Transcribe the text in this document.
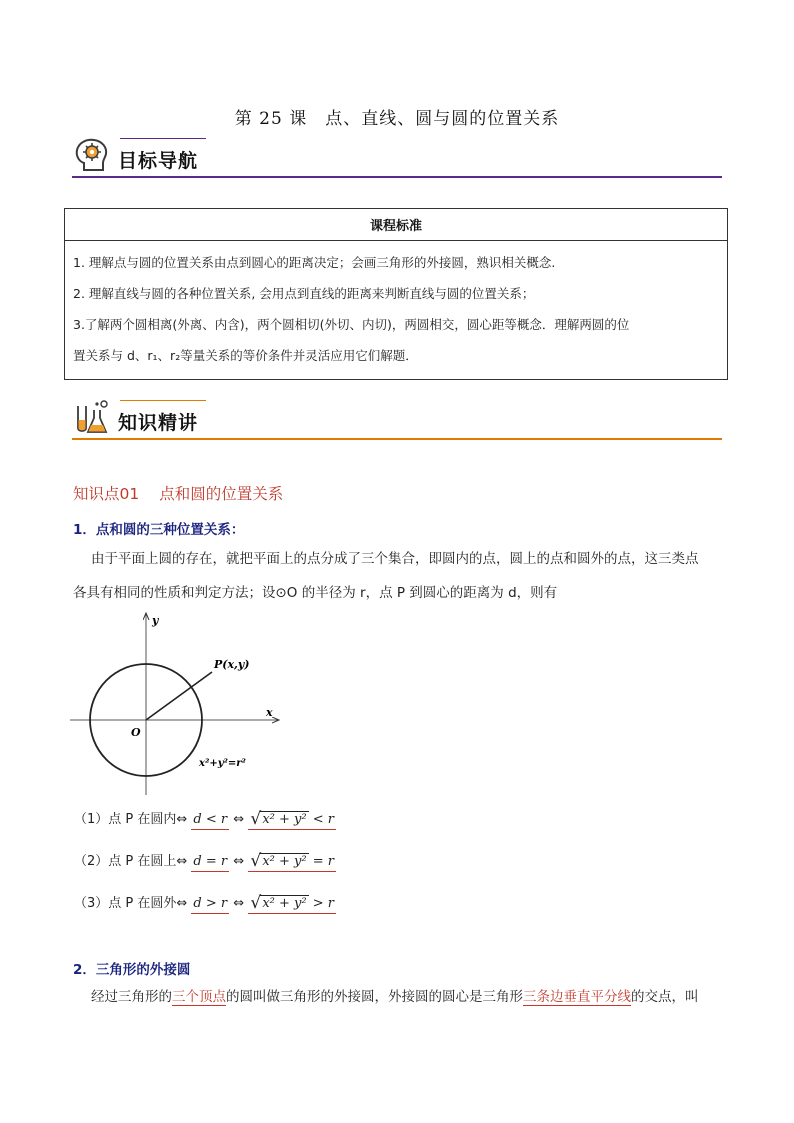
第 25 课　点、直线、圆与圆的位置关系
目标导航
课程标准

1. 理解点与圆的位置关系由点到圆心的距离决定；会画三角形的外接圆，熟识相关概念.
2. 理解直线与圆的各种位置关系, 会用点到直线的距离来判断直线与圆的位置关系；
3.了解两个圆相离(外离、内含)，两个圆相切(外切、内切)，两圆相交，圆心距等概念．理解两圆的位
置关系与 d、r₁、r₂等量关系的等价条件并灵活应用它们解题．
知识精讲
知识点01 点和圆的位置关系
1．点和圆的三种位置关系：
由于平面上圆的存在，就把平面上的点分成了三个集合，即圆内的点，圆上的点和圆外的点，这三类点
各具有相同的性质和判定方法；设⊙O 的半径为 r，点 P 到圆心的距离为 d，则有
y
x
O
P(x,y)
x²+y²=r²
（1）点 P 在圆内⇔ d < r ⇔ √ x² + y² < r
（2）点 P 在圆上⇔ d = r ⇔ √ x² + y² = r
（3）点 P 在圆外⇔ d > r ⇔ √ x² + y² > r
2．三角形的外接圆
经过三角形的三个顶点的圆叫做三角形的外接圆，外接圆的圆心是三角形三条边垂直平分线的交点，叫
